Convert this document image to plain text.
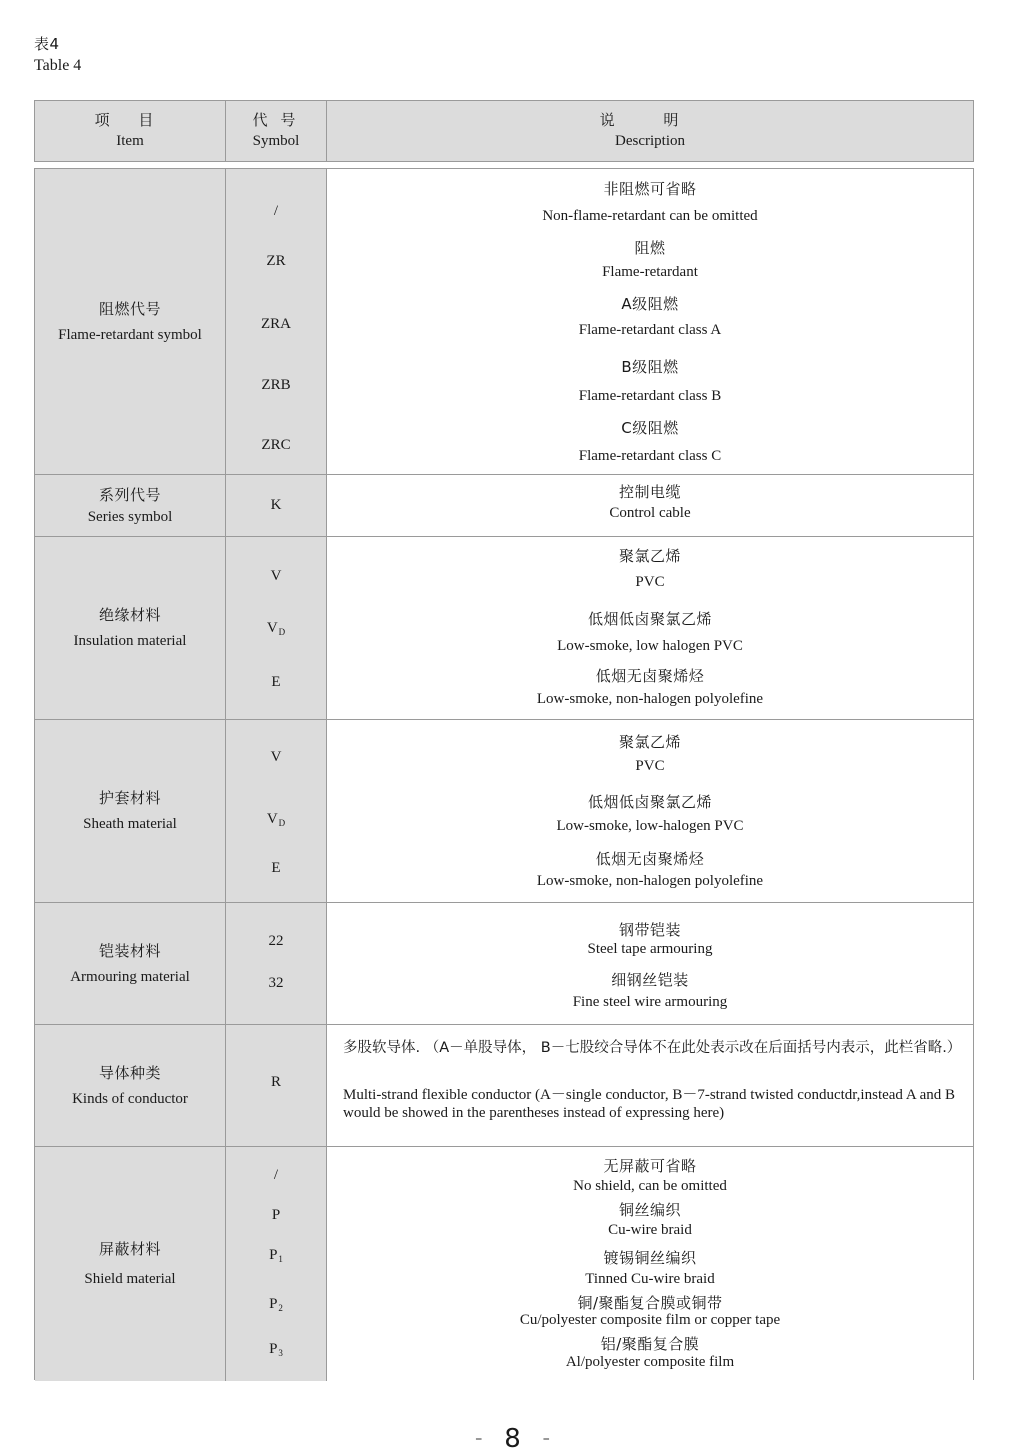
表4
Table 4
项 目
Item
代 号
Symbol
说 明
Description
阻燃代号
Flame-retardant symbol
/
ZR
ZRA
ZRB
ZRC
非阻燃可省略
Non-flame-retardant can be omitted
阻燃
Flame-retardant
A级阻燃
Flame-retardant class A
B级阻燃
Flame-retardant class B
C级阻燃
Flame-retardant class C
系列代号
Series symbol
K
控制电缆
Control cable
绝缘材料
Insulation material
V
$V_D$
E
聚氯乙烯
PVC
低烟低卤聚氯乙烯
Low-smoke, low halogen PVC
低烟无卤聚烯烃
Low-smoke, non-halogen polyolefine
护套材料
Sheath material
V
$V_D$
E
聚氯乙烯
PVC
低烟低卤聚氯乙烯
Low-smoke, low-halogen PVC
低烟无卤聚烯烃
Low-smoke, non-halogen polyolefine
铠装材料
Armouring material
22
32
钢带铠装
Steel tape armouring
细钢丝铠装
Fine steel wire armouring
导体种类
Kinds of conductor
R
多股软导体. （A－单股导体， B－七股绞合导体不在此处表示改在后面括号内表示，此栏省略.）
Multi-strand flexible conductor (A－single conductor, B－7-strand twisted conductdr,instead A and B would be showed in the parentheses instead of expressing here)
屏蔽材料
Shield material
/
P
$P_1$
$P_2$
$P_3$
无屏蔽可省略
No shield, can be omitted
铜丝编织
Cu-wire braid
镀锡铜丝编织
Tinned Cu-wire braid
铜/聚酯复合膜或铜带
Cu/polyester composite film or copper tape
铝/聚酯复合膜
Al/polyester composite film
– 8 –
